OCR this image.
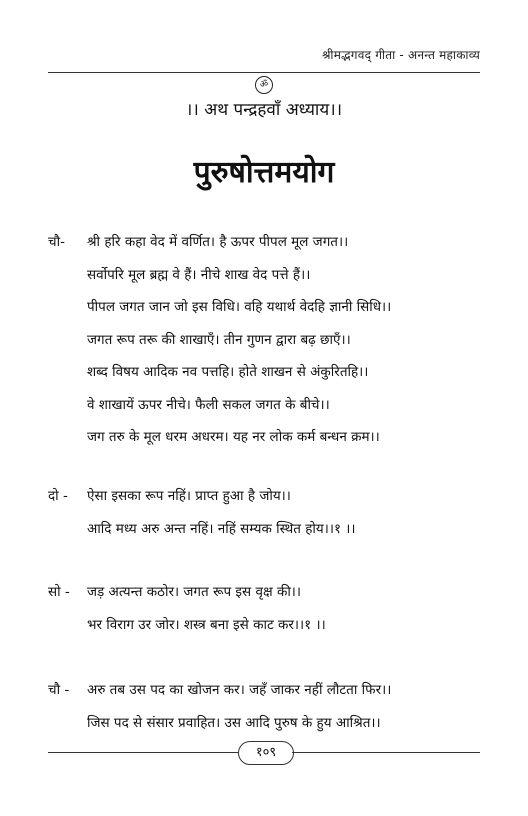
श्रीमद्भगवद् गीता - अनन्त महाकाव्य
ॐ
।। अथ पन्द्रहवाँ अध्याय।।
पुरुषोत्तमयोग
चौ- श्री हरि कहा वेद में वर्णित। है ऊपर पीपल मूल जगत।।
सर्वोपरि मूल ब्रह्म वे हैं। नीचे शाख वेद पत्ते हैं।।
पीपल जगत जान जो इस विधि। वहि यथार्थ वेदहि ज्ञानी सिधि।।
जगत रूप तरू की शाखाएँ। तीन गुणन द्वारा बढ़ छाएँ।।
शब्द विषय आदिक नव पत्तहि। होते शाखन से अंकुरितहि।।
वे शाखायें ऊपर नीचे। फैली सकल जगत के बीचे।।
जग तरु के मूल धरम अधरम। यह नर लोक कर्म बन्धन क्रम।।
दो - ऐसा इसका रूप नहिं। प्राप्त हुआ है जोय।।
आदि मध्य अरु अन्त नहिं। नहिं सम्यक स्थित होय।।१ ।।
सो - जड़ अत्यन्त कठोर। जगत रूप इस वृक्ष की।।
भर विराग उर जोर। शस्त्र बना इसे काट कर।।१ ।।
चौ - अरु तब उस पद का खोजन कर। जहँ जाकर नहीं लौटता फिर।।
जिस पद से संसार प्रवाहित। उस आदि पुरुष के हुय आश्रित।।
१०९
